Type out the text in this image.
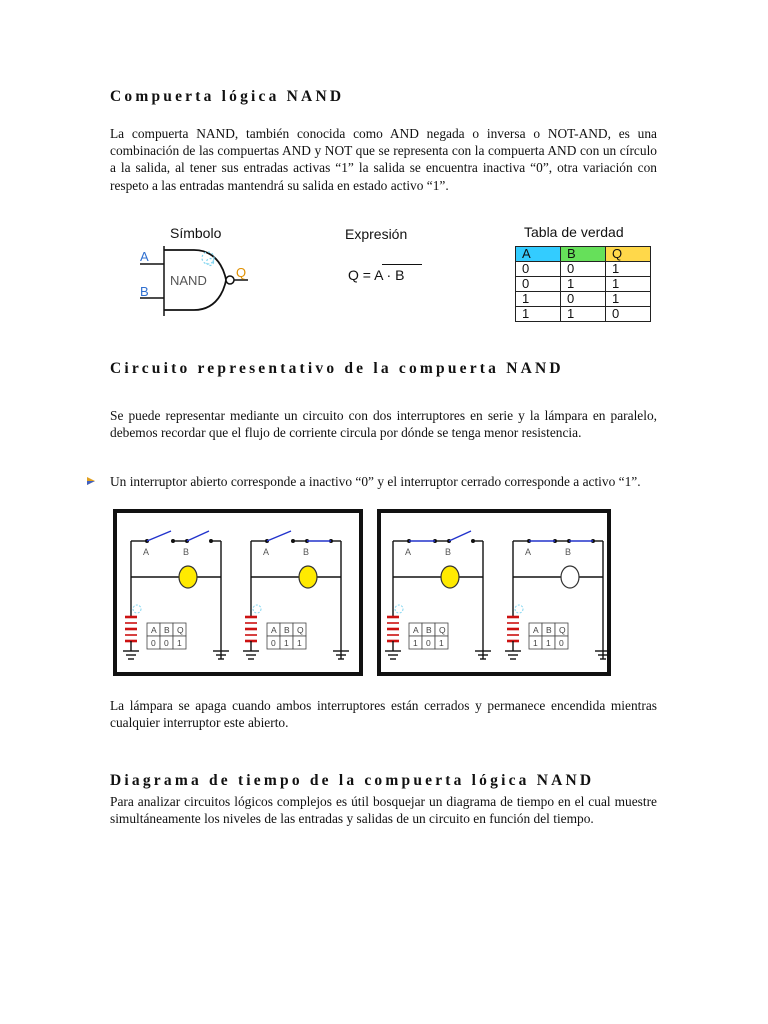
Compuerta lógica NAND

La compuerta NAND, también conocida como AND negada o inversa o NOT-AND, es una combinación de las compuertas AND y NOT que se representa con la compuerta AND con un círculo a la salida, al tener sus entradas activas “1” la salida se encuentra inactiva “0”, otra variación con respeto a las entradas mantendrá su salida en estado activo “1”.

Símbolo
NAND
A
B
Q
Expresión
Q = A · B
Tabla de verdad
A	B	Q
0	0	1
0	1	1
1	0	1
1	1	0
Circuito representativo de la compuerta NAND

Se puede representar mediante un circuito con dos interruptores en serie y la lámpara en paralelo, debemos recordar que el flujo de corriente circula por dónde se tenga menor resistencia.

Un interruptor abierto corresponde a inactivo “0” y el interruptor cerrado corresponde a activo “1”.

A	B
A B Q
0 0 1
A	B
A B Q
0 1 1
A	B
A B Q
1 0 1
A	B
A B Q
1 1 0

La lámpara se apaga cuando ambos interruptores están cerrados y permanece encendida mientras cualquier interruptor este abierto.

Diagrama de tiempo de la compuerta lógica NAND

Para analizar circuitos lógicos complejos es útil bosquejar un diagrama de tiempo en el cual muestre simultáneamente los niveles de las entradas y salidas de un circuito en función del tiempo.
